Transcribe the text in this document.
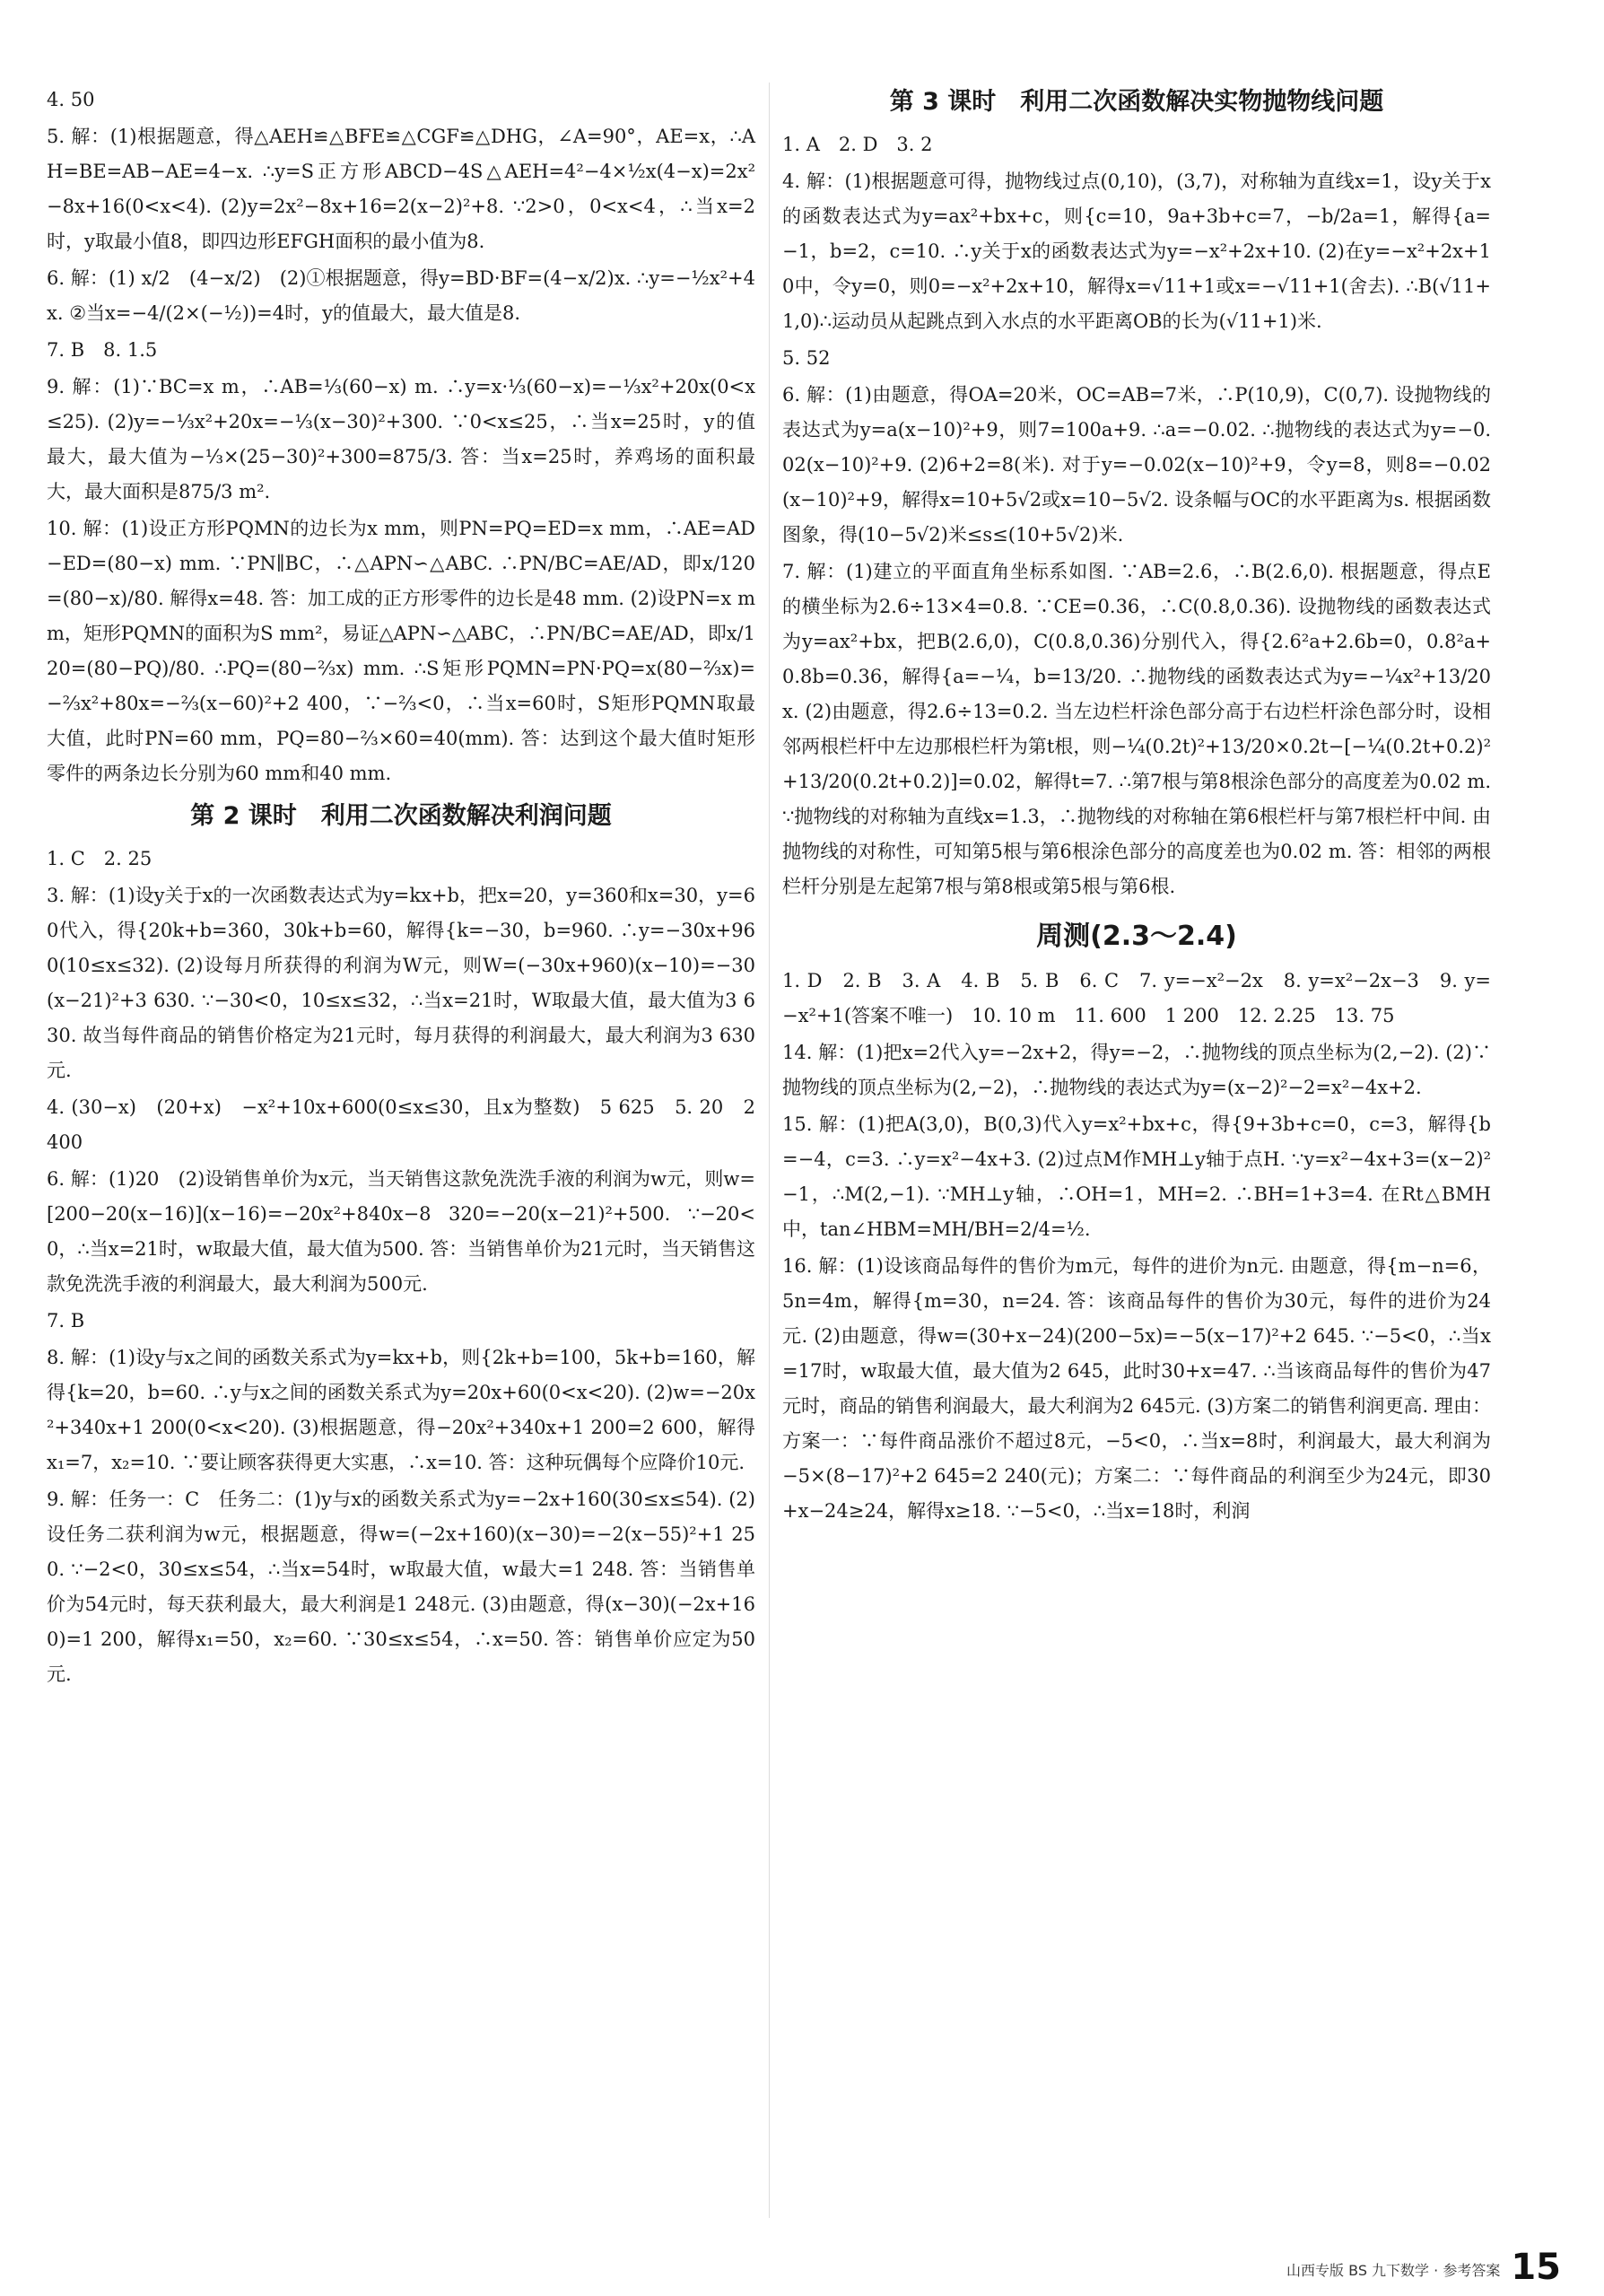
4. 50

5. 解：(1)根据题意，得△AEH≌△BFE≌△CGF≌△DHG，∠A=90°，AE=x，∴AH=BE=AB−AE=4−x. ∴y=S正方形ABCD−4S△AEH=4²−4×½x(4−x)=2x²−8x+16(0<x<4). (2)y=2x²−8x+16=2(x−2)²+8. ∵2>0，0<x<4，∴当x=2时，y取最小值8，即四边形EFGH面积的最小值为8.

6. 解：(1) x/2　(4−x/2)　(2)①根据题意，得y=BD·BF=(4−x/2)x. ∴y=−½x²+4x. ②当x=−4/(2×(−½))=4时，y的值最大，最大值是8.

7. B　8. 1.5

9. 解：(1)∵BC=x m，∴AB=⅓(60−x) m. ∴y=x·⅓(60−x)=−⅓x²+20x(0<x≤25). (2)y=−⅓x²+20x=−⅓(x−30)²+300. ∵0<x≤25，∴当x=25时，y的值最大，最大值为−⅓×(25−30)²+300=875/3. 答：当x=25时，养鸡场的面积最大，最大面积是875/3 m².

10. 解：(1)设正方形PQMN的边长为x mm，则PN=PQ=ED=x mm，∴AE=AD−ED=(80−x) mm. ∵PN∥BC，∴△APN∽△ABC. ∴PN/BC=AE/AD，即x/120=(80−x)/80. 解得x=48. 答：加工成的正方形零件的边长是48 mm. (2)设PN=x mm，矩形PQMN的面积为S mm²，易证△APN∽△ABC，∴PN/BC=AE/AD，即x/120=(80−PQ)/80. ∴PQ=(80−⅔x) mm. ∴S矩形PQMN=PN·PQ=x(80−⅔x)=−⅔x²+80x=−⅔(x−60)²+2 400，∵−⅔<0，∴当x=60时，S矩形PQMN取最大值，此时PN=60 mm，PQ=80−⅔×60=40(mm). 答：达到这个最大值时矩形零件的两条边长分别为60 mm和40 mm.

第 2 课时　利用二次函数解决利润问题

1. C　2. 25

3. 解：(1)设y关于x的一次函数表达式为y=kx+b，把x=20，y=360和x=30，y=60代入，得{20k+b=360，30k+b=60，解得{k=−30，b=960. ∴y=−30x+960(10≤x≤32). (2)设每月所获得的利润为W元，则W=(−30x+960)(x−10)=−30(x−21)²+3 630. ∵−30<0，10≤x≤32，∴当x=21时，W取最大值，最大值为3 630. 故当每件商品的销售价格定为21元时，每月获得的利润最大，最大利润为3 630元.

4. (30−x)　(20+x)　−x²+10x+600(0≤x≤30，且x为整数)　5 625　5. 20　2 400

6. 解：(1)20　(2)设销售单价为x元，当天销售这款免洗洗手液的利润为w元，则w=[200−20(x−16)](x−16)=−20x²+840x−8 320=−20(x−21)²+500. ∵−20<0，∴当x=21时，w取最大值，最大值为500. 答：当销售单价为21元时，当天销售这款免洗洗手液的利润最大，最大利润为500元.

7. B

8. 解：(1)设y与x之间的函数关系式为y=kx+b，则{2k+b=100，5k+b=160，解得{k=20，b=60. ∴y与x之间的函数关系式为y=20x+60(0<x<20). (2)w=−20x²+340x+1 200(0<x<20). (3)根据题意，得−20x²+340x+1 200=2 600，解得x₁=7，x₂=10. ∵要让顾客获得更大实惠，∴x=10. 答：这种玩偶每个应降价10元.

9. 解：任务一：C　任务二：(1)y与x的函数关系式为y=−2x+160(30≤x≤54). (2)设任务二获利润为w元，根据题意，得w=(−2x+160)(x−30)=−2(x−55)²+1 250. ∵−2<0，30≤x≤54，∴当x=54时，w取最大值，w最大=1 248. 答：当销售单价为54元时，每天获利最大，最大利润是1 248元. (3)由题意，得(x−30)(−2x+160)=1 200，解得x₁=50，x₂=60. ∵30≤x≤54，∴x=50. 答：销售单价应定为50元.

第 3 课时　利用二次函数解决实物抛物线问题

1. A　2. D　3. 2

4. 解：(1)根据题意可得，抛物线过点(0,10)，(3,7)，对称轴为直线x=1，设y关于x的函数表达式为y=ax²+bx+c，则{c=10，9a+3b+c=7，−b/2a=1，解得{a=−1，b=2，c=10. ∴y关于x的函数表达式为y=−x²+2x+10. (2)在y=−x²+2x+10中，令y=0，则0=−x²+2x+10，解得x=√11+1或x=−√11+1(舍去). ∴B(√11+1,0)∴运动员从起跳点到入水点的水平距离OB的长为(√11+1)米.

5. 52

6. 解：(1)由题意，得OA=20米，OC=AB=7米，∴P(10,9)，C(0,7). 设抛物线的表达式为y=a(x−10)²+9，则7=100a+9. ∴a=−0.02. ∴抛物线的表达式为y=−0.02(x−10)²+9. (2)6+2=8(米). 对于y=−0.02(x−10)²+9，令y=8，则8=−0.02(x−10)²+9，解得x=10+5√2或x=10−5√2. 设条幅与OC的水平距离为s. 根据函数图象，得(10−5√2)米≤s≤(10+5√2)米.

7. 解：(1)建立的平面直角坐标系如图. ∵AB=2.6，∴B(2.6,0). 根据题意，得点E的横坐标为2.6÷13×4=0.8. ∵CE=0.36，∴C(0.8,0.36). 设抛物线的函数表达式为y=ax²+bx，把B(2.6,0)，C(0.8,0.36)分别代入，得{2.6²a+2.6b=0，0.8²a+0.8b=0.36，解得{a=−¼，b=13/20. ∴抛物线的函数表达式为y=−¼x²+13/20x. (2)由题意，得2.6÷13=0.2. 当左边栏杆涂色部分高于右边栏杆涂色部分时，设相邻两根栏杆中左边那根栏杆为第t根，则−¼(0.2t)²+13/20×0.2t−[−¼(0.2t+0.2)²+13/20(0.2t+0.2)]=0.02，解得t=7. ∴第7根与第8根涂色部分的高度差为0.02 m. ∵抛物线的对称轴为直线x=1.3，∴抛物线的对称轴在第6根栏杆与第7根栏杆中间. 由抛物线的对称性，可知第5根与第6根涂色部分的高度差也为0.02 m. 答：相邻的两根栏杆分别是左起第7根与第8根或第5根与第6根.

周测(2.3～2.4)

1. D　2. B　3. A　4. B　5. B　6. C　7. y=−x²−2x　8. y=x²−2x−3　9. y=−x²+1(答案不唯一)　10. 10 m　11. 600　1 200　12. 2.25　13. 75

14. 解：(1)把x=2代入y=−2x+2，得y=−2，∴抛物线的顶点坐标为(2,−2). (2)∵抛物线的顶点坐标为(2,−2)，∴抛物线的表达式为y=(x−2)²−2=x²−4x+2.

15. 解：(1)把A(3,0)，B(0,3)代入y=x²+bx+c，得{9+3b+c=0，c=3，解得{b=−4，c=3. ∴y=x²−4x+3. (2)过点M作MH⊥y轴于点H. ∵y=x²−4x+3=(x−2)²−1，∴M(2,−1). ∵MH⊥y轴，∴OH=1，MH=2. ∴BH=1+3=4. 在Rt△BMH中，tan∠HBM=MH/BH=2/4=½.

16. 解：(1)设该商品每件的售价为m元，每件的进价为n元. 由题意，得{m−n=6，5n=4m，解得{m=30，n=24. 答：该商品每件的售价为30元，每件的进价为24元. (2)由题意，得w=(30+x−24)(200−5x)=−5(x−17)²+2 645. ∵−5<0，∴当x=17时，w取最大值，最大值为2 645，此时30+x=47. ∴当该商品每件的售价为47元时，商品的销售利润最大，最大利润为2 645元. (3)方案二的销售利润更高. 理由：方案一：∵每件商品涨价不超过8元，−5<0，∴当x=8时，利润最大，最大利润为−5×(8−17)²+2 645=2 240(元)；方案二：∵每件商品的利润至少为24元，即30+x−24≥24，解得x≥18. ∵−5<0，∴当x=18时，利润

山西专版 BS 九下数学 · 参考答案 15
